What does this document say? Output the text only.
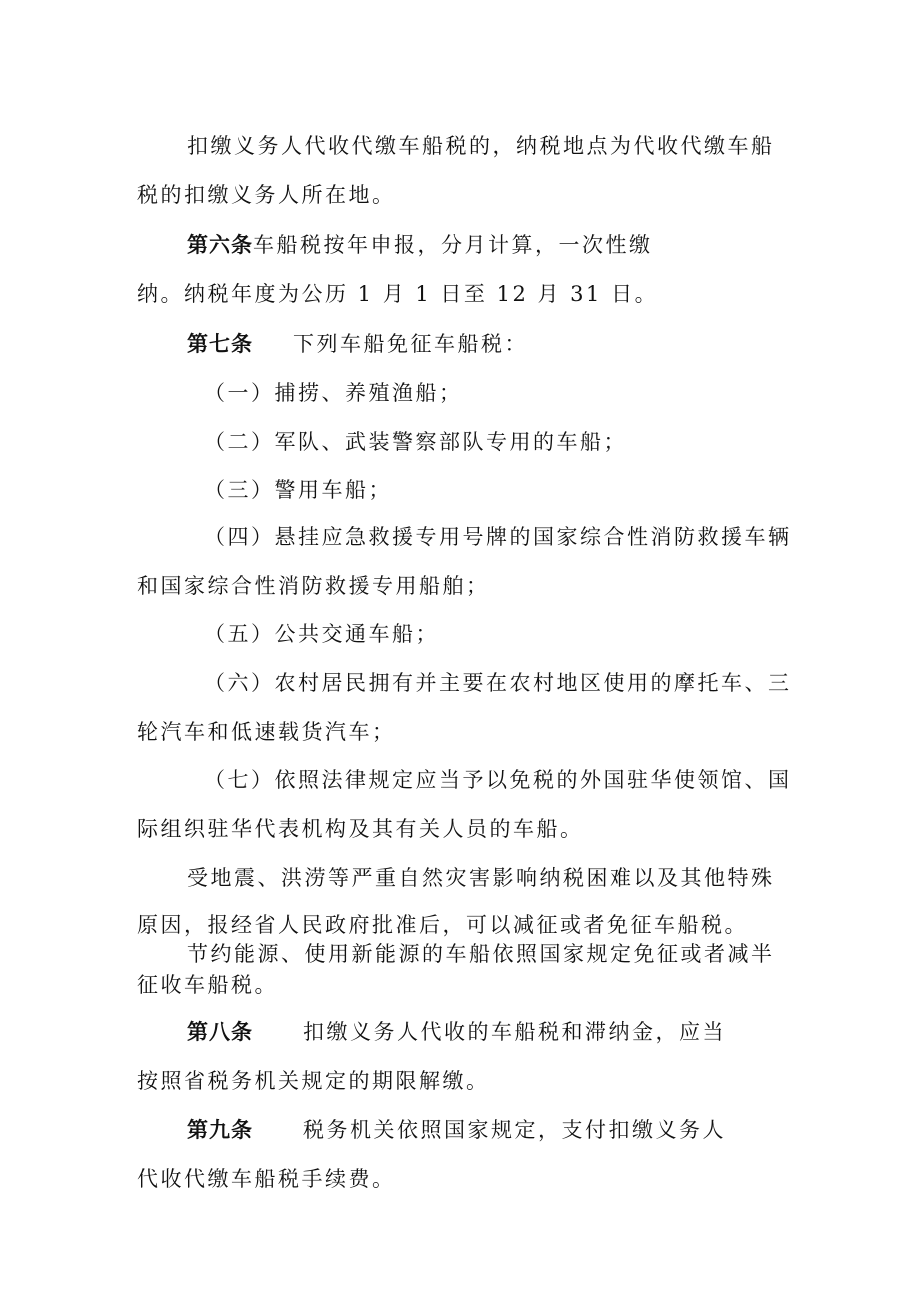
扣缴义务人代收代缴车船税的，纳税地点为代收代缴车船
税的扣缴义务人所在地。
第六条车船税按年申报，分月计算，一次性缴
纳。纳税年度为公历 1 月 1 日至 12 月 31 日。
第七条 下列车船免征车船税：
（一）捕捞、养殖渔船；
（二）军队、武装警察部队专用的车船；
（三）警用车船；
（四）悬挂应急救援专用号牌的国家综合性消防救援车辆
和国家综合性消防救援专用船舶；
（五）公共交通车船；
（六）农村居民拥有并主要在农村地区使用的摩托车、三
轮汽车和低速载货汽车；
（七）依照法律规定应当予以免税的外国驻华使领馆、国
际组织驻华代表机构及其有关人员的车船。
受地震、洪涝等严重自然灾害影响纳税困难以及其他特殊
原因，报经省人民政府批准后，可以减征或者免征车船税。
节约能源、使用新能源的车船依照国家规定免征或者减半
征收车船税。
第八条 扣缴义务人代收的车船税和滞纳金，应当
按照省税务机关规定的期限解缴。
第九条 税务机关依照国家规定，支付扣缴义务人
代收代缴车船税手续费。
